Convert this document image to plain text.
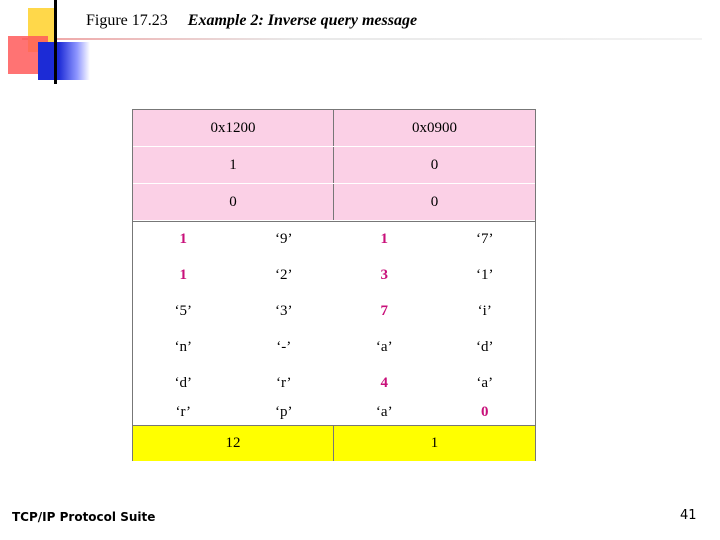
Figure 17.23 Example 2: Inverse query message
0x1200	0x0900
1	0
0	0
1	‘9’	1	‘7’
1	‘2’	3	‘1’
‘5’	‘3’	7	‘i’
‘n’	‘-’	‘a’	‘d’
‘d’	‘r’	4	‘a’
‘r’	‘p’	‘a’	0
12	1
TCP/IP Protocol Suite	41
